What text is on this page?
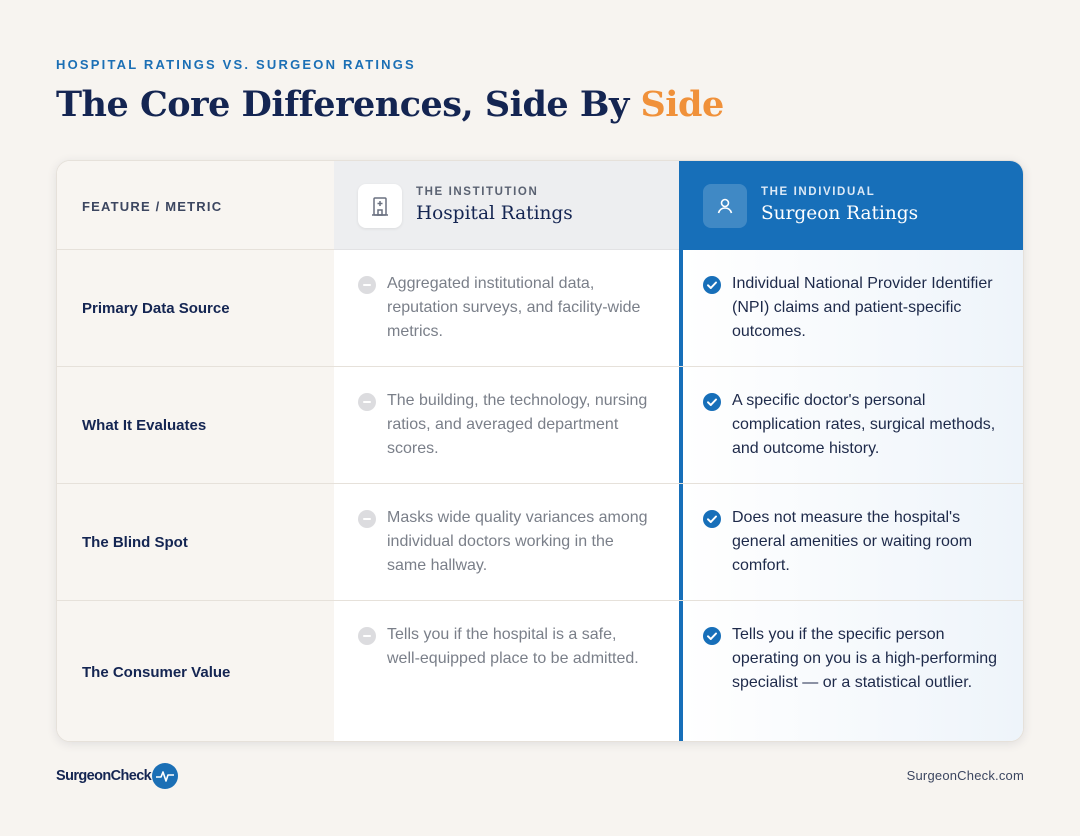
HOSPITAL RATINGS VS. SURGEON RATINGS
The Core Differences, Side By Side
FEATURE / METRIC
THE INSTITUTION
Hospital Ratings
THE INDIVIDUAL
Surgeon Ratings
Primary Data Source
Aggregated institutional data, reputation surveys, and facility-wide metrics.
Individual National Provider Identifier (NPI) claims and patient-specific outcomes.
What It Evaluates
The building, the technology, nursing ratios, and averaged department scores.
A specific doctor's personal complication rates, surgical methods, and outcome history.
The Blind Spot
Masks wide quality variances among individual doctors working in the same hallway.
Does not measure the hospital's general amenities or waiting room comfort.
The Consumer Value
Tells you if the hospital is a safe, well-equipped place to be admitted.
Tells you if the specific person operating on you is a high-performing specialist — or a statistical outlier.
SurgeonCheck	SurgeonCheck.com
